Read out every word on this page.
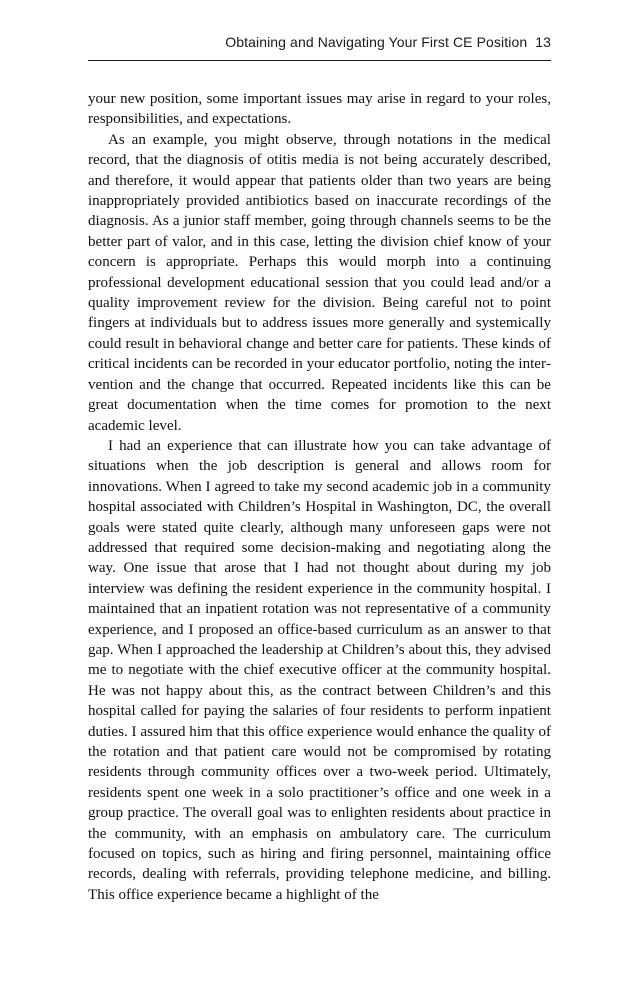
Obtaining and Navigating Your First CE Position 13

your new position, some important issues may arise in regard to your roles, responsibilities, and expectations.

As an example, you might observe, through notations in the medical record, that the diagnosis of otitis media is not being accurately described, and therefore, it would appear that patients older than two years are being inappropriately provided antibiotics based on inaccurate recordings of the diagnosis. As a junior staff member, going through channels seems to be the better part of valor, and in this case, letting the division chief know of your concern is appropriate. Perhaps this would morph into a continuing professional development educational session that you could lead and/or a quality improvement review for the division. Being careful not to point fingers at individuals but to address issues more generally and systemically could result in behavioral change and better care for patients. These kinds of critical incidents can be recorded in your educator portfolio, noting the intervention and the change that occurred. Repeated incidents like this can be great documentation when the time comes for promotion to the next academic level.

I had an experience that can illustrate how you can take advantage of situations when the job description is general and allows room for innovations. When I agreed to take my second academic job in a community hospital associated with Children’s Hospital in Washington, DC, the overall goals were stated quite clearly, although many unforeseen gaps were not addressed that required some decision-making and negotiating along the way. One issue that arose that I had not thought about during my job interview was defining the resident experience in the community hospital. I maintained that an inpatient rotation was not representative of a community experience, and I proposed an office-based curriculum as an answer to that gap. When I approached the leadership at Children’s about this, they advised me to negotiate with the chief executive officer at the community hospital. He was not happy about this, as the contract between Children’s and this hospital called for paying the salaries of four residents to perform inpatient duties. I assured him that this office experience would enhance the quality of the rotation and that patient care would not be compromised by rotating residents through community offices over a two-week period. Ultimately, residents spent one week in a solo practitioner’s office and one week in a group practice. The overall goal was to enlighten residents about practice in the community, with an emphasis on ambulatory care. The curriculum focused on topics, such as hiring and firing personnel, maintaining office records, dealing with referrals, providing telephone medicine, and billing. This office experience became a highlight of the
